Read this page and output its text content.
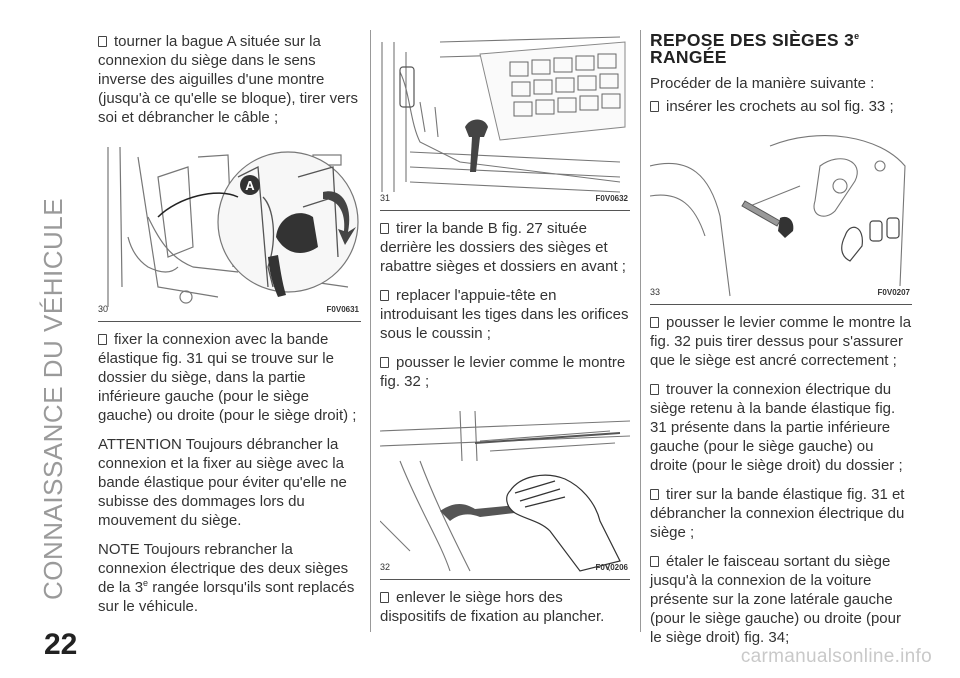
CONNAISSANCE DU VÉHICULE

tourner la bague A située sur la connexion du siège dans le sens inverse des aiguilles d'une montre (jusqu'à ce qu'elle se bloque), tirer vers soi et débrancher le câble ;

A
30	F0V0631

fixer la connexion avec la bande élastique fig. 31 qui se trouve sur le dossier du siège, dans la partie inférieure gauche (pour le siège gauche) ou droite (pour le siège droit) ;

ATTENTION Toujours débrancher la connexion et la fixer au siège avec la bande élastique pour éviter qu'elle ne subisse des dommages lors du mouvement du siège.

NOTE Toujours rebrancher la connexion électrique des deux sièges de la 3e rangée lorsqu'ils sont replacés sur le véhicule.

31	F0V0632

tirer la bande B fig. 27 située derrière les dossiers des sièges et rabattre sièges et dossiers en avant ;

replacer l'appuie-tête en introduisant les tiges dans les orifices sous le coussin ;

pousser le levier comme le montre fig. 32 ;

32	F0V0206

enlever le siège hors des dispositifs de fixation au plancher.

REPOSE DES SIÈGES 3e
RANGÉE

Procéder de la manière suivante :

insérer les crochets au sol fig. 33 ;

33	F0V0207

pousser le levier comme le montre la fig. 32 puis tirer dessus pour s'assurer que le siège est ancré correctement ;

trouver la connexion électrique du siège retenu à la bande élastique fig. 31 présente dans la partie inférieure gauche (pour le siège gauche) ou droite (pour le siège droit) du dossier ;

tirer sur la bande élastique fig. 31 et débrancher la connexion électrique du siège ;

étaler le faisceau sortant du siège jusqu'à la connexion de la voiture présente sur la zone latérale gauche (pour le siège gauche) ou droite (pour le siège droit) fig. 34;

22	carmanualsonline.info
